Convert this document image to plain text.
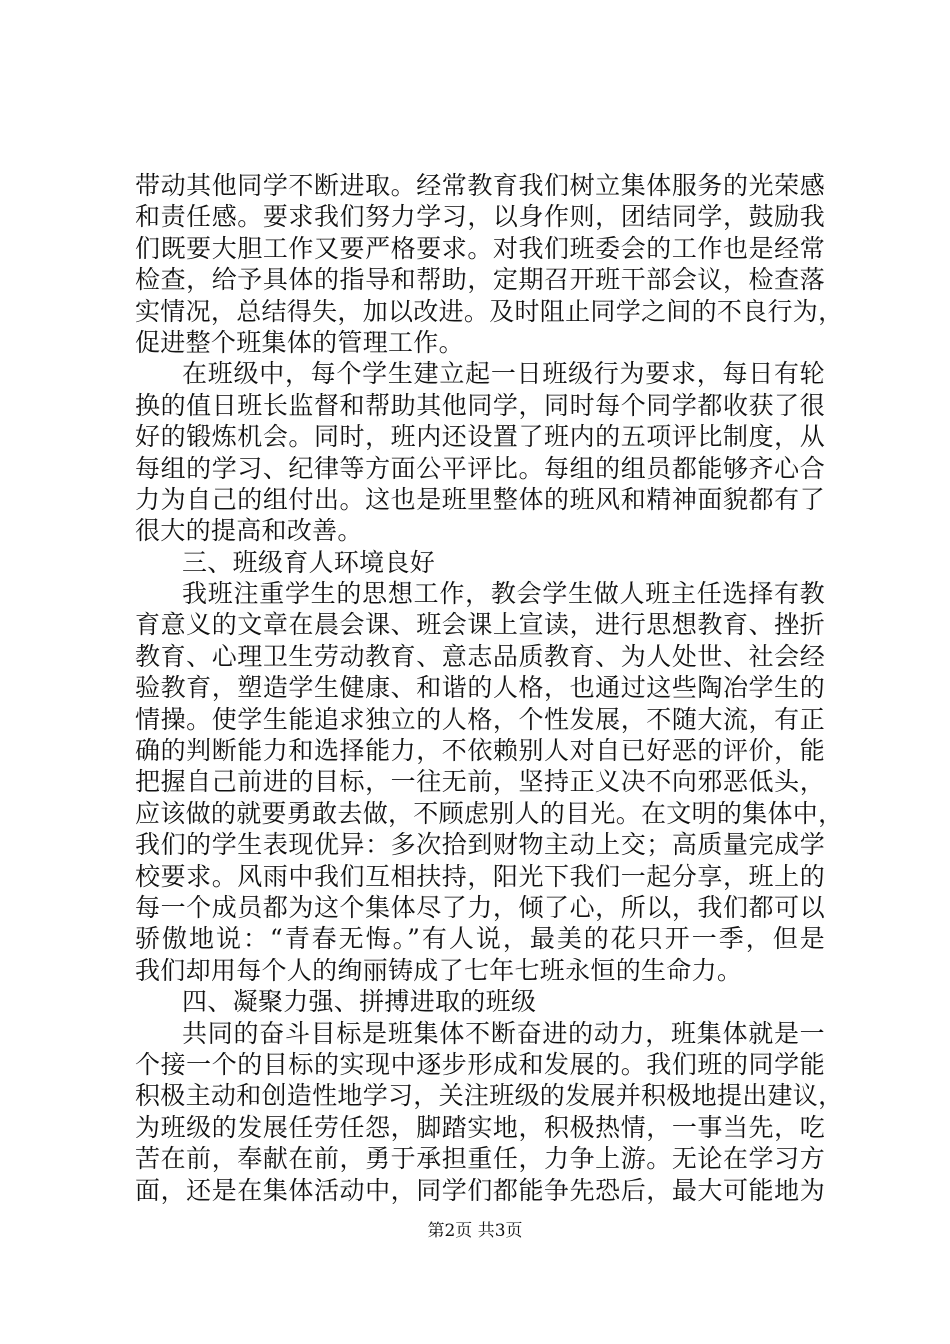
带动其他同学不断进取。经常教育我们树立集体服务的光荣感
和责任感。要求我们努力学习，以身作则，团结同学，鼓励我
们既要大胆工作又要严格要求。对我们班委会的工作也是经常
检查，给予具体的指导和帮助，定期召开班干部会议，检查落
实情况，总结得失，加以改进。及时阻止同学之间的不良行为，
促进整个班集体的管理工作。
在班级中，每个学生建立起一日班级行为要求，每日有轮
换的值日班长监督和帮助其他同学，同时每个同学都收获了很
好的锻炼机会。同时，班内还设置了班内的五项评比制度，从
每组的学习、纪律等方面公平评比。每组的组员都能够齐心合
力为自己的组付出。这也是班里整体的班风和精神面貌都有了
很大的提高和改善。
三、班级育人环境良好
我班注重学生的思想工作，教会学生做人班主任选择有教
育意义的文章在晨会课、班会课上宣读，进行思想教育、挫折
教育、心理卫生劳动教育、意志品质教育、为人处世、社会经
验教育，塑造学生健康、和谐的人格，也通过这些陶冶学生的
情操。使学生能追求独立的人格，个性发展，不随大流，有正
确的判断能力和选择能力，不依赖别人对自已好恶的评价，能
把握自己前进的目标，一往无前，坚持正义决不向邪恶低头，
应该做的就要勇敢去做，不顾虑别人的目光。在文明的集体中，
我们的学生表现优异：多次拾到财物主动上交；高质量完成学
校要求。风雨中我们互相扶持，阳光下我们一起分享，班上的
每一个成员都为这个集体尽了力，倾了心，所以，我们都可以
骄傲地说：“青春无悔。”有人说，最美的花只开一季，但是
我们却用每个人的绚丽铸成了七年七班永恒的生命力。
四、凝聚力强、拼搏进取的班级
共同的奋斗目标是班集体不断奋进的动力，班集体就是一
个接一个的目标的实现中逐步形成和发展的。我们班的同学能
积极主动和创造性地学习，关注班级的发展并积极地提出建议，
为班级的发展任劳任怨，脚踏实地，积极热情，一事当先，吃
苦在前，奉献在前，勇于承担重任，力争上游。无论在学习方
面，还是在集体活动中，同学们都能争先恐后，最大可能地为
第2页 共3页
